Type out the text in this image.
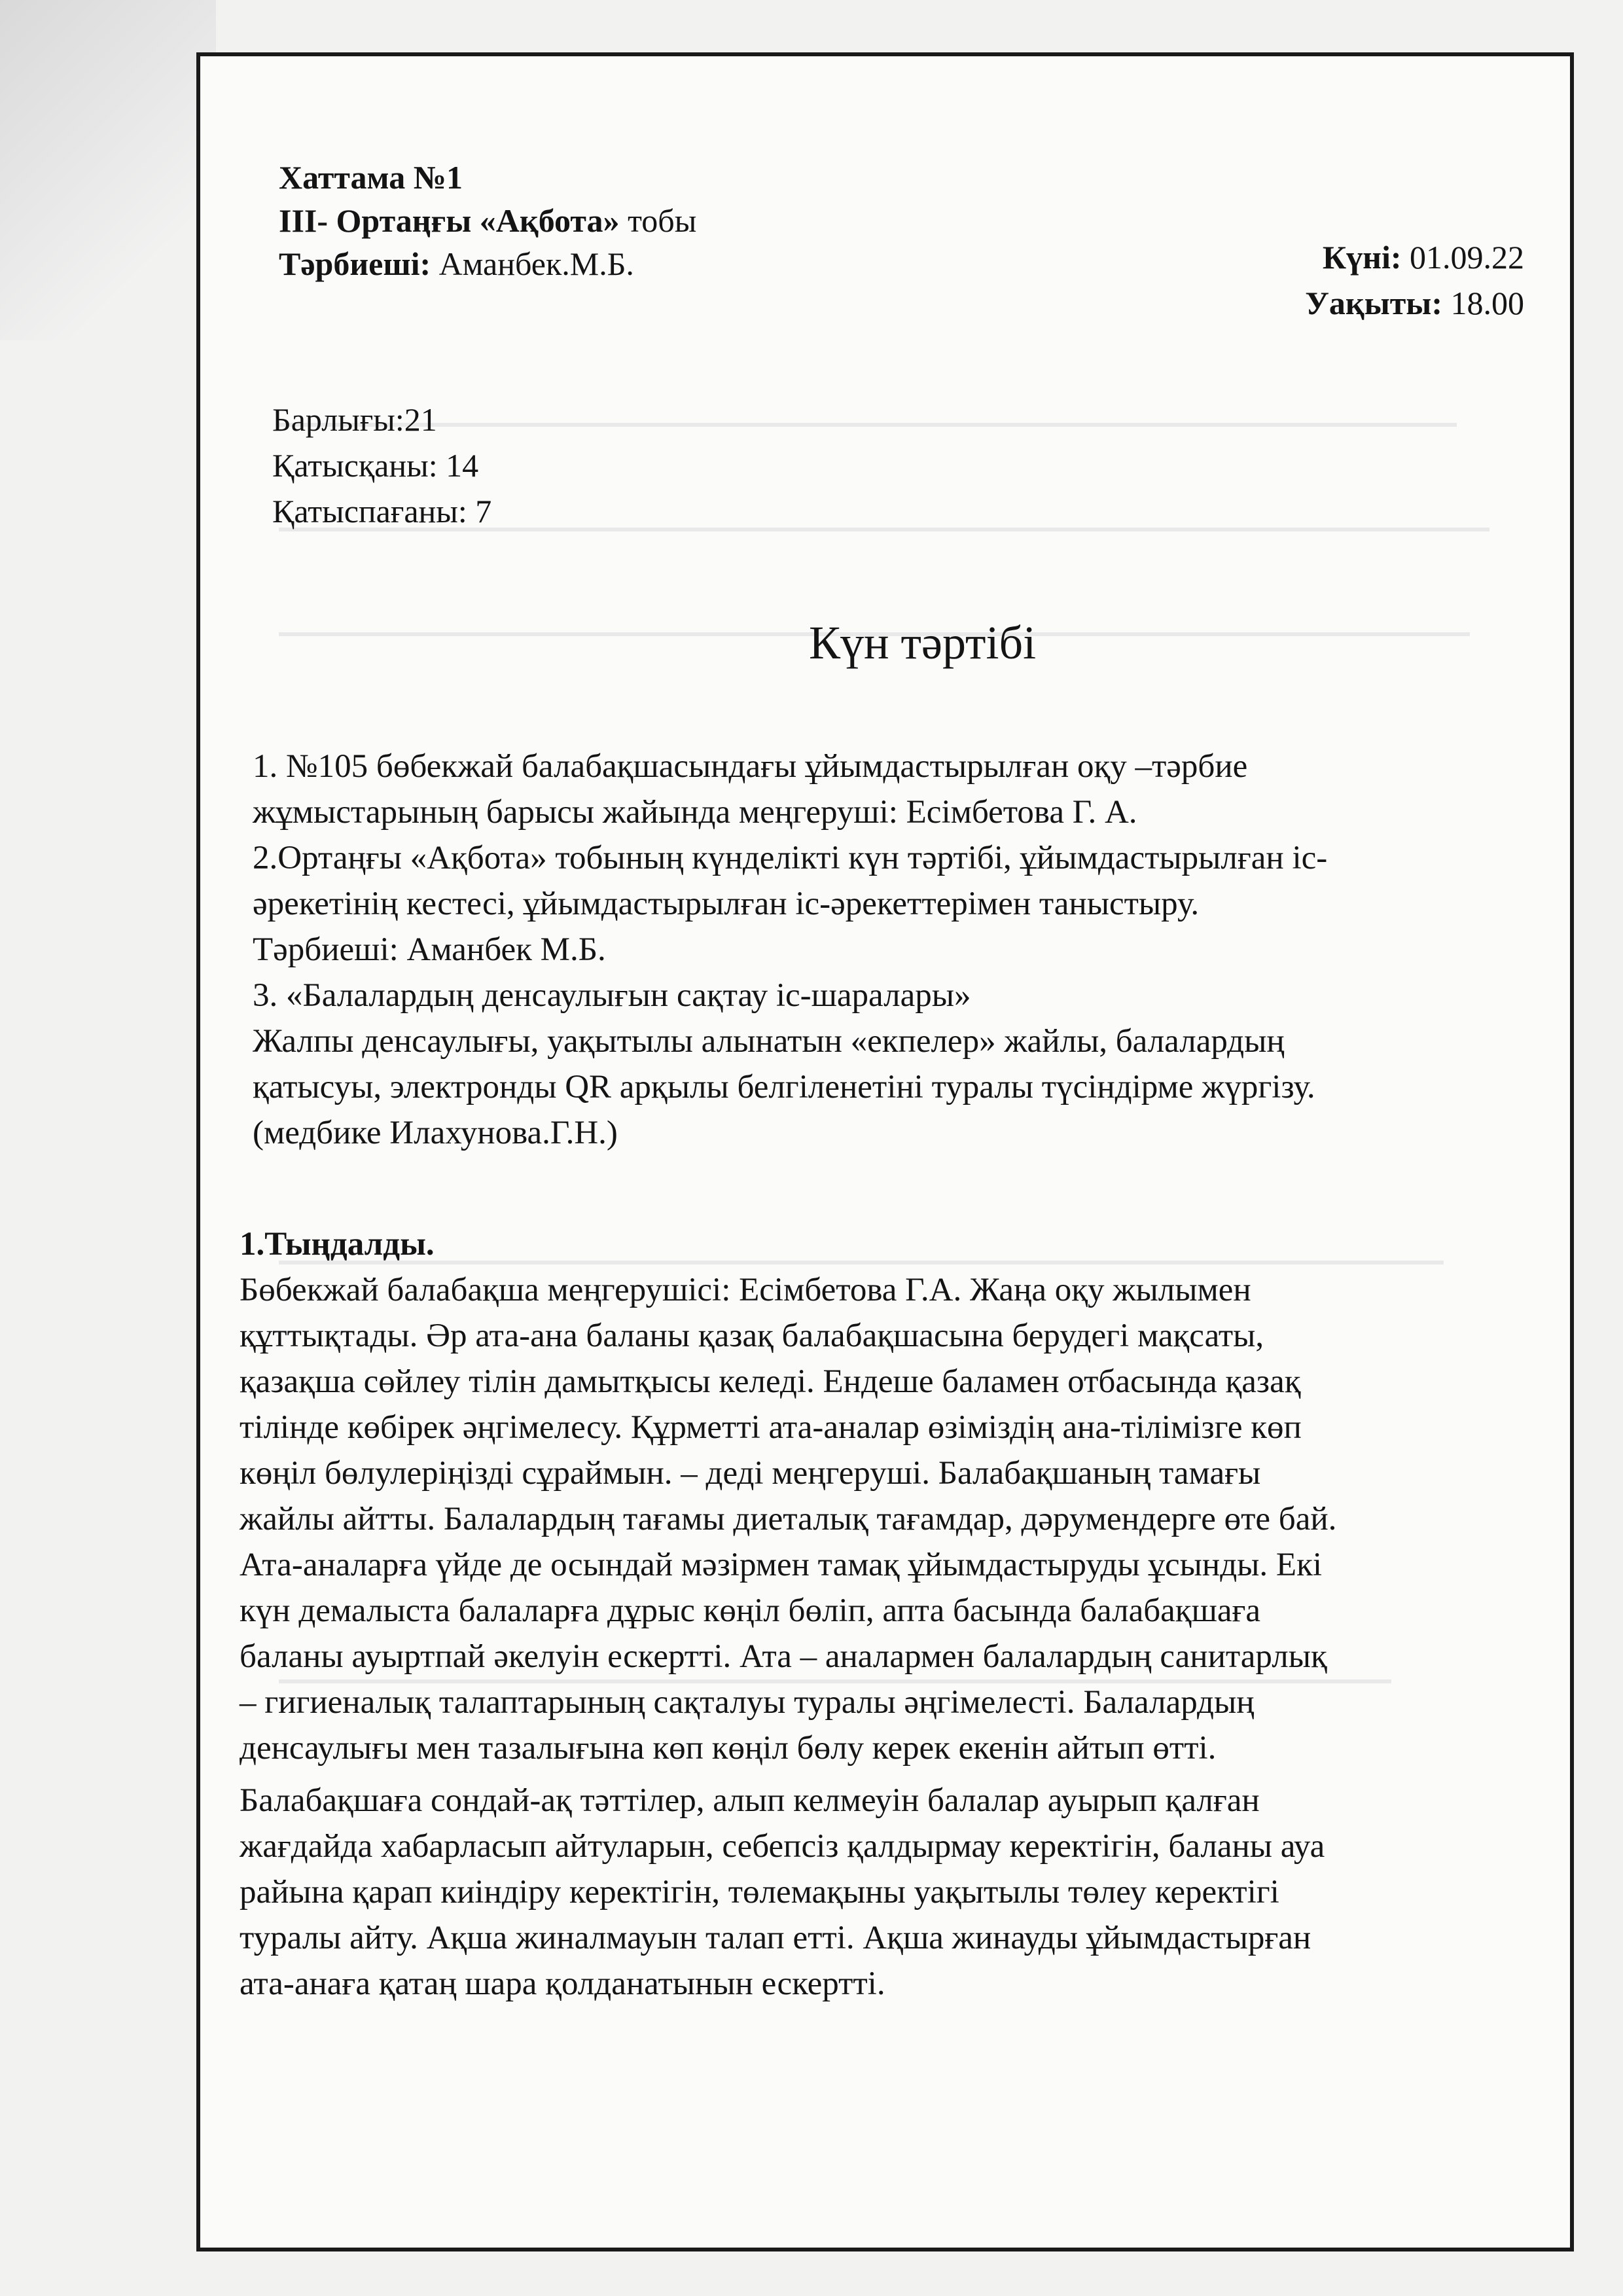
Хаттама №1
ІІІ- Ортаңғы «Ақбота» тобы
Тәрбиеші: Аманбек.М.Б.	Күні: 01.09.22
Уақыты: 18.00
Барлығы:21
Қатысқаны: 14
Қатыспағаны: 7
Күн тәртібі
1. №105 бөбекжай балабақшасындағы ұйымдастырылған оқу –тәрбие
жұмыстарының барысы жайында меңгеруші: Есімбетова Г. А.
2.Ортаңғы «Ақбота» тобының күнделікті күн тәртібі, ұйымдастырылған іс-
әрекетінің кестесі, ұйымдастырылған іс-әрекеттерімен таныстыру.
Тәрбиеші: Аманбек М.Б.
3. «Балалардың денсаулығын сақтау іс-шаралары»
Жалпы денсаулығы, уақытылы алынатын «екпелер» жайлы, балалардың
қатысуы, электронды QR арқылы белгіленетіні туралы түсіндірме жүргізу.
(медбике Илахунова.Г.Н.)
1.Тыңдалды.
Бөбекжай балабақша меңгерушісі: Есімбетова Г.А. Жаңа оқу жылымен
құттықтады. Әр ата-ана баланы қазақ балабақшасына берудегі мақсаты,
қазақша сөйлеу тілін дамытқысы келеді. Ендеше баламен отбасында қазақ
тілінде көбірек әңгімелесу. Құрметті ата-аналар өзіміздің ана-тілімізге көп
көңіл бөлулеріңізді сұраймын. – деді меңгеруші. Балабақшаның тамағы
жайлы айтты. Балалардың тағамы диеталық тағамдар, дәрумендерге өте бай.
Ата-аналарға үйде де осындай мәзірмен тамақ ұйымдастыруды ұсынды. Екі
күн демалыста балаларға дұрыс көңіл бөліп, апта басында балабақшаға
баланы ауыртпай әкелуін ескертті. Ата – аналармен балалардың санитарлық
– гигиеналық талаптарының сақталуы туралы әңгімелесті. Балалардың
денсаулығы мен тазалығына көп көңіл бөлу керек екенін айтып өтті.
Балабақшаға сондай-ақ тәттілер, алып келмеуін балалар ауырып қалған
жағдайда хабарласып айтуларын, себепсіз қалдырмау керектігін, баланы ауа
райына қарап киіндіру керектігін, төлемақыны уақытылы төлеу керектігі
туралы айту. Ақша жиналмауын талап етті. Ақша жинауды ұйымдастырған
ата-анаға қатаң шара қолданатынын ескертті.
